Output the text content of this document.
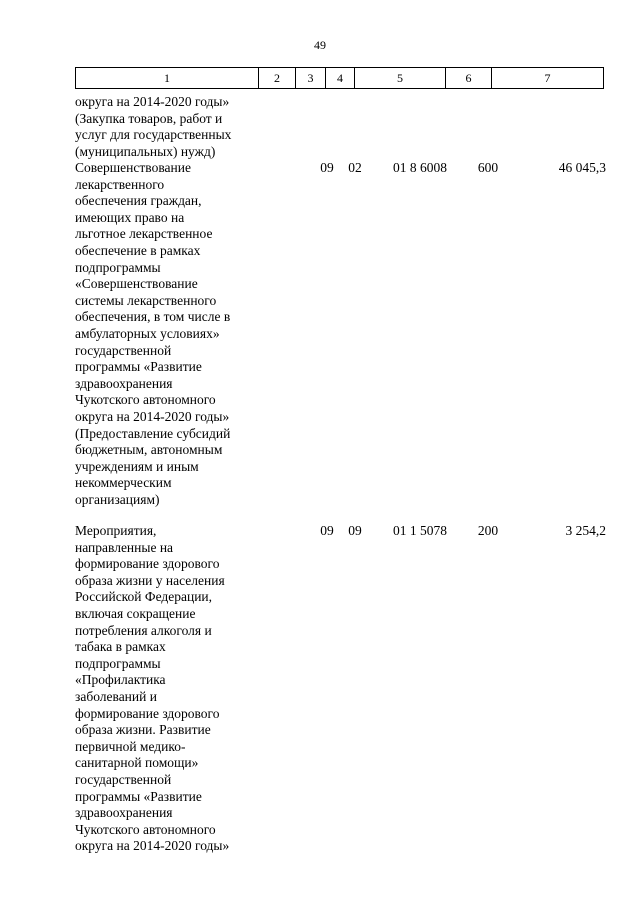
49
1	2	3	4	5	6	7
округа на 2014-2020 годы»
(Закупка товаров, работ и
услуг для государственных
(муниципальных) нужд)
Совершенствование
лекарственного
обеспечения граждан,
имеющих право на
льготное лекарственное
обеспечение в рамках
подпрограммы
«Совершенствование
системы лекарственного
обеспечения, в том числе в
амбулаторных условиях»
государственной
программы «Развитие
здравоохранения
Чукотского автономного
округа на 2014-2020 годы»
(Предоставление субсидий
бюджетным, автономным
учреждениям и иным
некоммерческим
организациям)
09	02	01 8 6008	600	46 045,3
Мероприятия,
направленные на
формирование здорового
образа жизни у населения
Российской Федерации,
включая сокращение
потребления алкоголя и
табака в рамках
подпрограммы
«Профилактика
заболеваний и
формирование здорового
образа жизни. Развитие
первичной медико-
санитарной помощи»
государственной
программы «Развитие
здравоохранения
Чукотского автономного
округа на 2014-2020 годы»
09	09	01 1 5078	200	3 254,2
